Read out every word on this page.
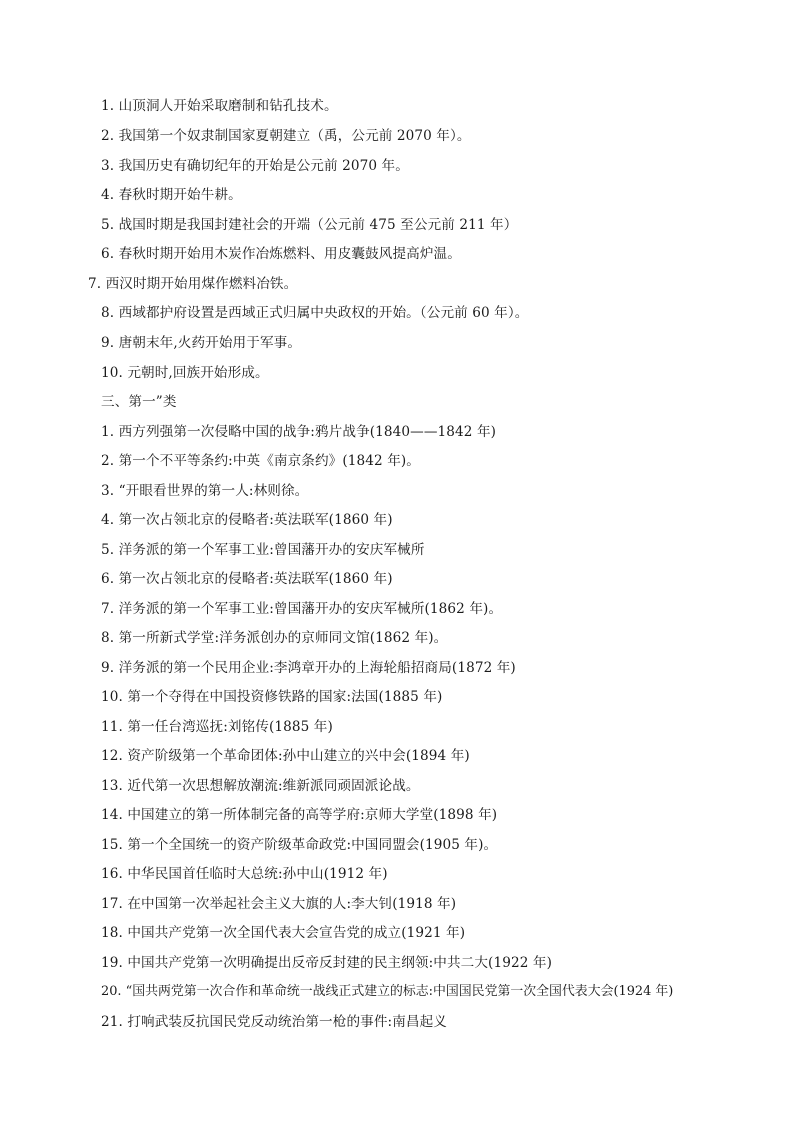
1. 山顶洞人开始采取磨制和钻孔技术。
2. 我国第一个奴隶制国家夏朝建立（禹，公元前 2070 年）。
3. 我国历史有确切纪年的开始是公元前 2070 年。
4. 春秋时期开始牛耕。
5. 战国时期是我国封建社会的开端（公元前 475 至公元前 211 年）
6. 春秋时期开始用木炭作冶炼燃料、用皮囊鼓风提高炉温。
7. 西汉时期开始用煤作燃料冶铁。
8. 西域都护府设置是西域正式归属中央政权的开始。（公元前 60 年）。
9. 唐朝末年,火药开始用于军事。
10. 元朝时,回族开始形成。
三、第一”类
1. 西方列强第一次侵略中国的战争:鸦片战争(1840——1842 年)
2. 第一个不平等条约:中英《南京条约》(1842 年)。
3. “开眼看世界的第一人:林则徐。
4. 第一次占领北京的侵略者:英法联军(1860 年)
5. 洋务派的第一个军事工业:曾国藩开办的安庆军械所
6. 第一次占领北京的侵略者:英法联军(1860 年)
7. 洋务派的第一个军事工业:曾国藩开办的安庆军械所(1862 年)。
8. 第一所新式学堂:洋务派创办的京师同文馆(1862 年)。
9. 洋务派的第一个民用企业:李鸿章开办的上海轮船招商局(1872 年)
10. 第一个夺得在中国投资修铁路的国家:法国(1885 年)
11. 第一任台湾巡抚:刘铭传(1885 年)
12. 资产阶级第一个革命团体:孙中山建立的兴中会(1894 年)
13. 近代第一次思想解放潮流:维新派同顽固派论战。
14. 中国建立的第一所体制完备的高等学府:京师大学堂(1898 年)
15. 第一个全国统一的资产阶级革命政党:中国同盟会(1905 年)。
16. 中华民国首任临时大总统:孙中山(1912 年)
17. 在中国第一次举起社会主义大旗的人:李大钊(1918 年)
18. 中国共产党第一次全国代表大会宣告党的成立(1921 年)
19. 中国共产党第一次明确提出反帝反封建的民主纲领:中共二大(1922 年)
20. “国共两党第一次合作和革命统一战线正式建立的标志:中国国民党第一次全国代表大会(1924 年)
21. 打响武装反抗国民党反动统治第一枪的事件:南昌起义
